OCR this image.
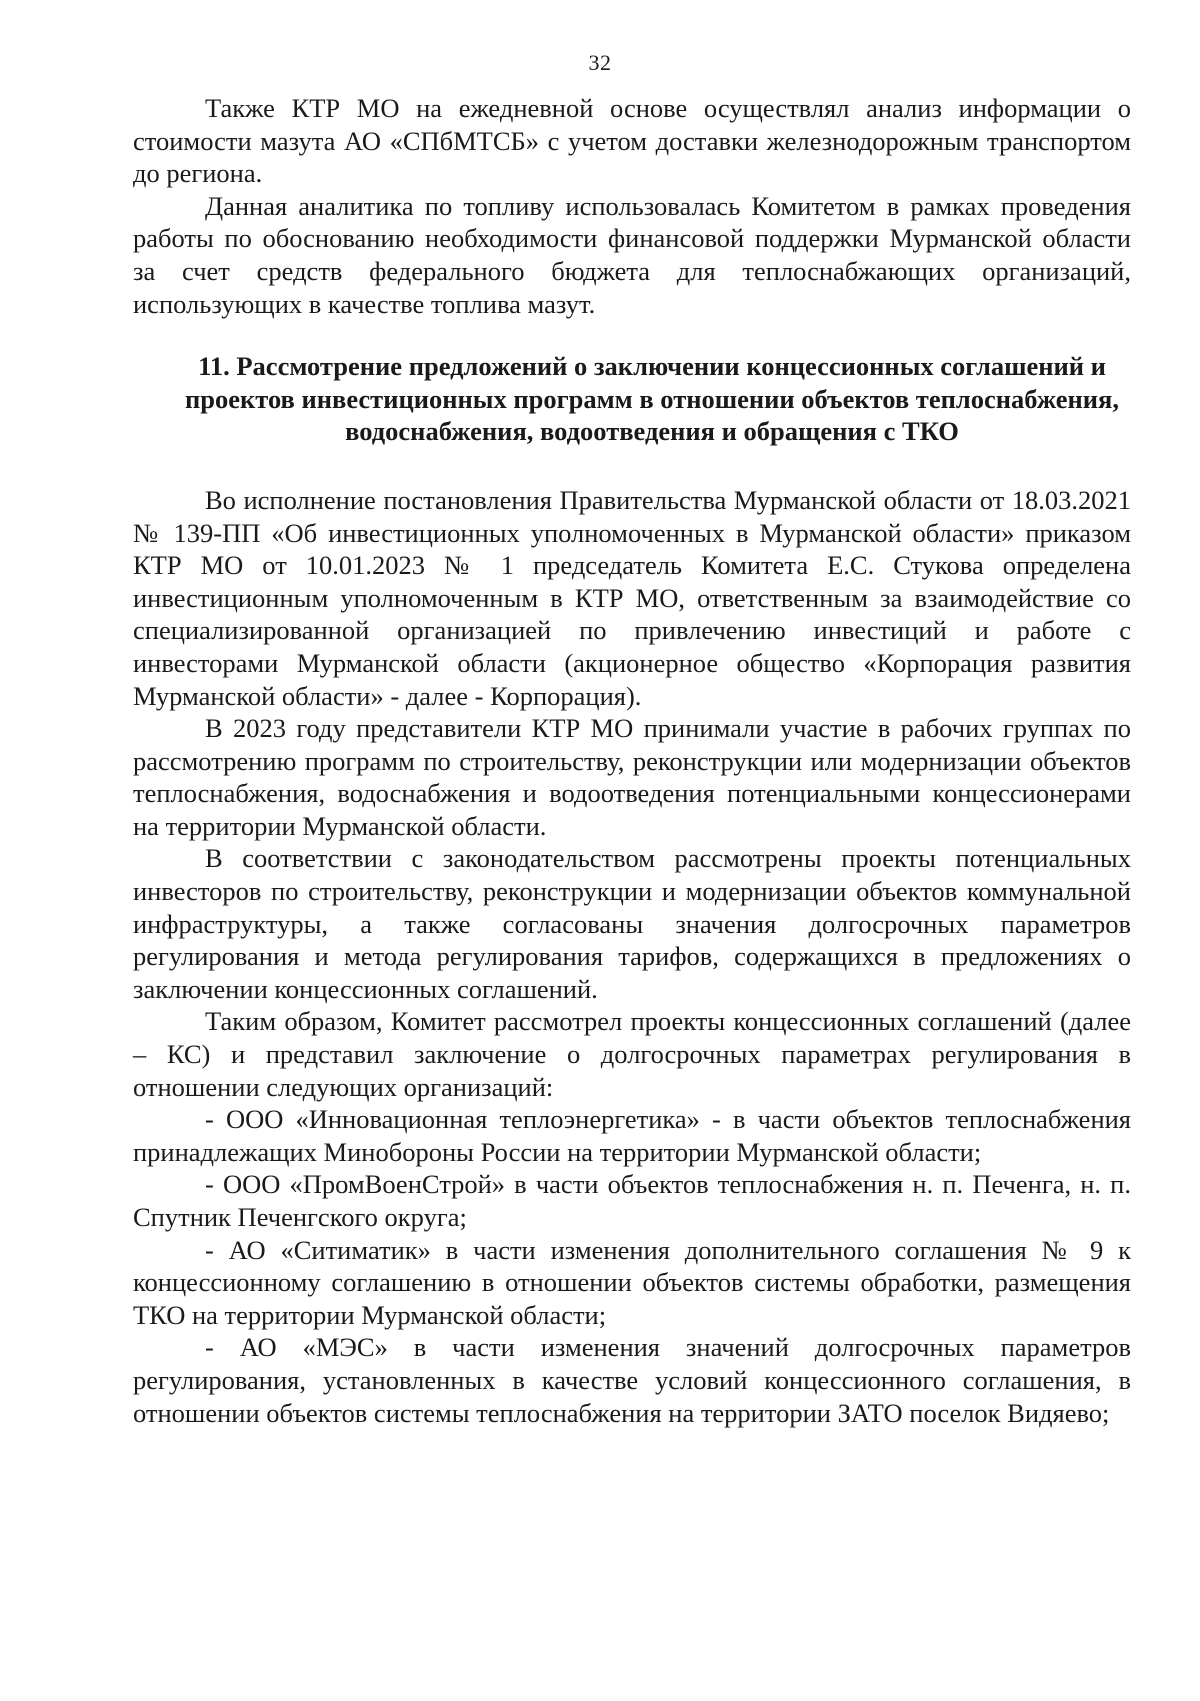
32

Также КТР МО на ежедневной основе осуществлял анализ информации о стоимости мазута АО «СПбМТСБ» с учетом доставки железнодорожным транспортом до региона.

Данная аналитика по топливу использовалась Комитетом в рамках проведения работы по обоснованию необходимости финансовой поддержки Мурманской области за счет средств федерального бюджета для теплоснабжающих организаций, использующих в качестве топлива мазут.

11. Рассмотрение предложений о заключении концессионных соглашений и проектов инвестиционных программ в отношении объектов теплоснабжения, водоснабжения, водоотведения и обращения с ТКО

Во исполнение постановления Правительства Мурманской области от 18.03.2021 № 139-ПП «Об инвестиционных уполномоченных в Мурманской области» приказом КТР МО от 10.01.2023 № 1 председатель Комитета Е.С. Стукова определена инвестиционным уполномоченным в КТР МО, ответственным за взаимодействие со специализированной организацией по привлечению инвестиций и работе с инвесторами Мурманской области (акционерное общество «Корпорация развития Мурманской области» - далее - Корпорация).

В 2023 году представители КТР МО принимали участие в рабочих группах по рассмотрению программ по строительству, реконструкции или модернизации объектов теплоснабжения, водоснабжения и водоотведения потенциальными концессионерами на территории Мурманской области.

В соответствии с законодательством рассмотрены проекты потенциальных инвесторов по строительству, реконструкции и модернизации объектов коммунальной инфраструктуры, а также согласованы значения долгосрочных параметров регулирования и метода регулирования тарифов, содержащихся в предложениях о заключении концессионных соглашений.

Таким образом, Комитет рассмотрел проекты концессионных соглашений (далее – КС) и представил заключение о долгосрочных параметрах регулирования в отношении следующих организаций:

- ООО «Инновационная теплоэнергетика» - в части объектов теплоснабжения принадлежащих Минобороны России на территории Мурманской области;

- ООО «ПромВоенСтрой» в части объектов теплоснабжения н. п. Печенга, н. п. Спутник Печенгского округа;

- АО «Ситиматик» в части изменения дополнительного соглашения № 9 к концессионному соглашению в отношении объектов системы обработки, размещения ТКО на территории Мурманской области;

- АО «МЭС» в части изменения значений долгосрочных параметров регулирования, установленных в качестве условий концессионного соглашения, в отношении объектов системы теплоснабжения на территории ЗАТО поселок Видяево;
